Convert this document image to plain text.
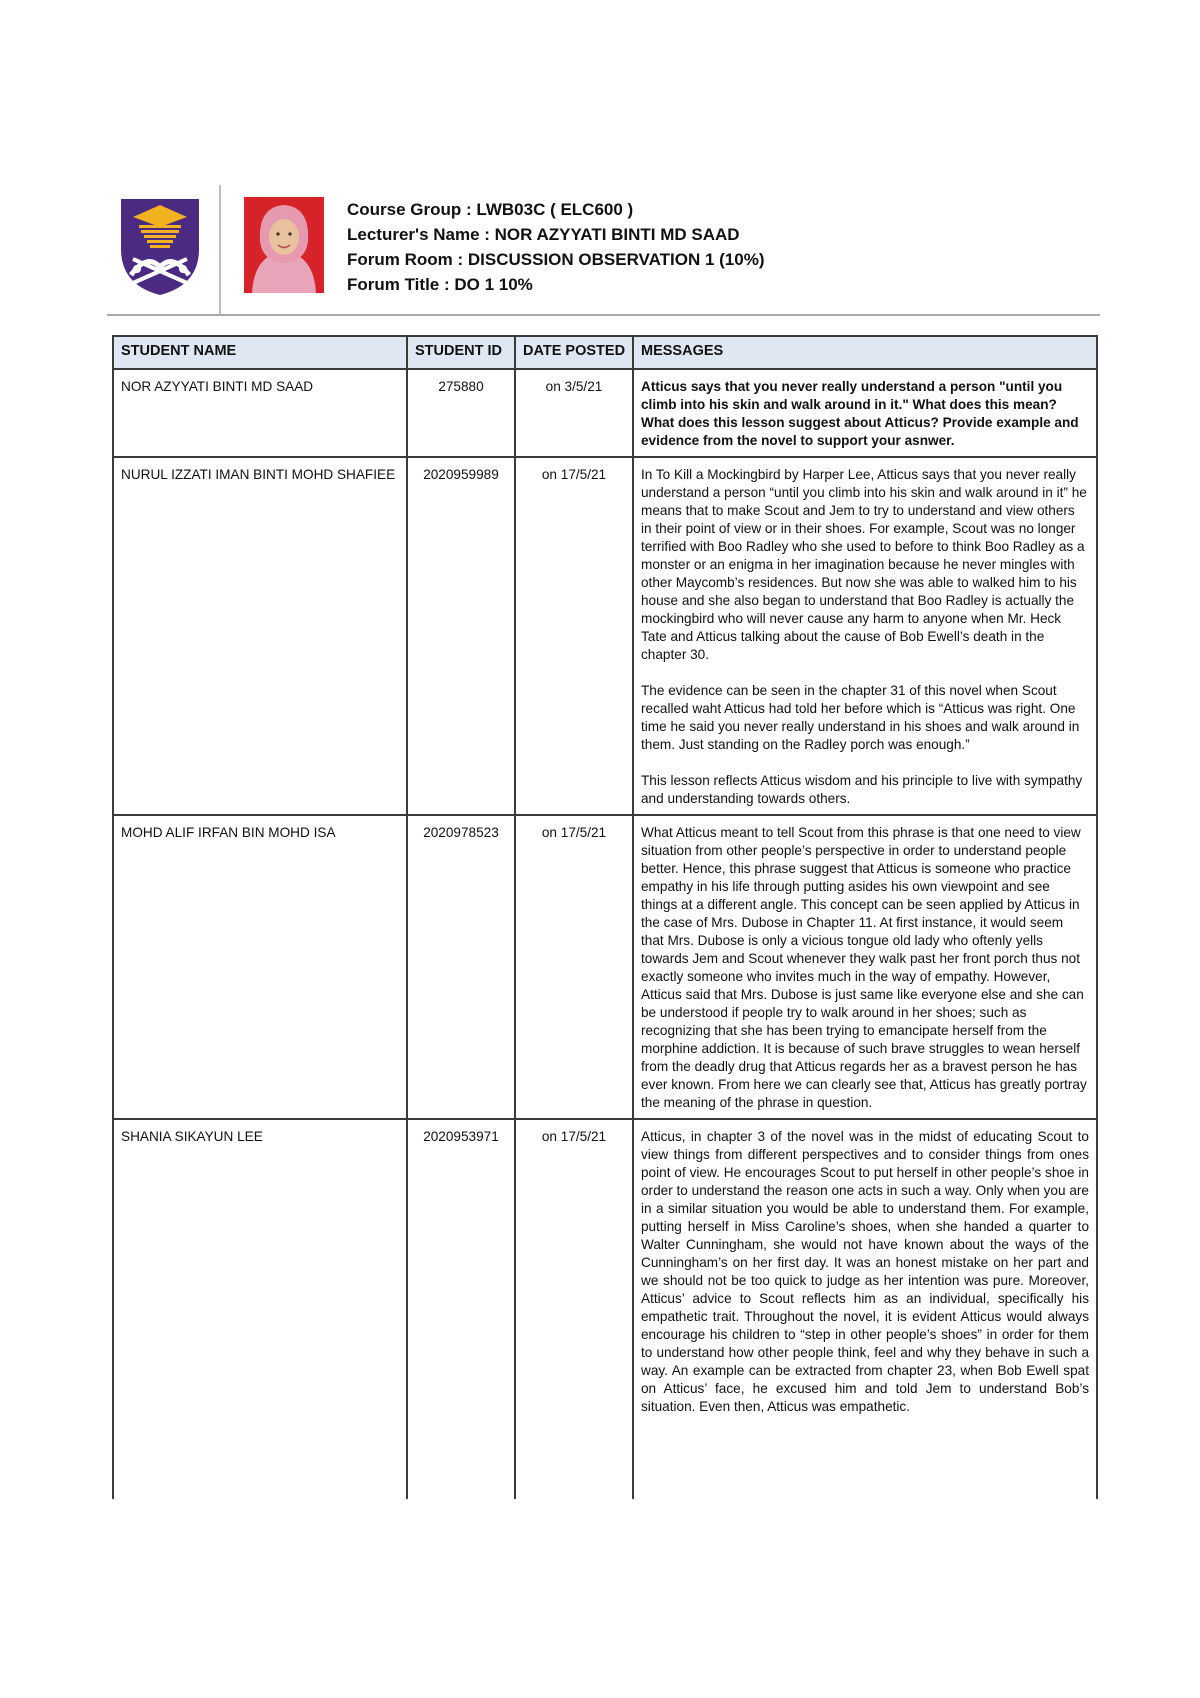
Course Group : LWB03C ( ELC600 )
Lecturer's Name : NOR AZYYATI BINTI MD SAAD
Forum Room : DISCUSSION OBSERVATION 1 (10%)
Forum Title : DO 1 10%
STUDENT NAME	STUDENT ID	DATE POSTED	MESSAGES
NOR AZYYATI BINTI MD SAAD	275880	on 3/5/21	Atticus says that you never really understand a person "until you climb into his skin and walk around in it." What does this mean? What does this lesson suggest about Atticus? Provide example and evidence from the novel to support your asnwer.

NURUL IZZATI IMAN BINTI MOHD SHAFIEE	2020959989	on 17/5/21	In To Kill a Mockingbird by Harper Lee, Atticus says that you never really understand a person “until you climb into his skin and walk around in it” he means that to make Scout and Jem to try to understand and view others in their point of view or in their shoes. For example, Scout was no longer terrified with Boo Radley who she used to before to think Boo Radley as a monster or an enigma in her imagination because he never mingles with other Maycomb’s residences. But now she was able to walked him to his house and she also began to understand that Boo Radley is actually the mockingbird who will never cause any harm to anyone when Mr. Heck Tate and Atticus talking about the cause of Bob Ewell’s death in the chapter 30.

The evidence can be seen in the chapter 31 of this novel when Scout recalled waht Atticus had told her before which is “Atticus was right. One time he said you never really understand in his shoes and walk around in them. Just standing on the Radley porch was enough.”

This lesson reflects Atticus wisdom and his principle to live with sympathy and understanding towards others.

MOHD ALIF IRFAN BIN MOHD ISA	2020978523	on 17/5/21	What Atticus meant to tell Scout from this phrase is that one need to view situation from other people’s perspective in order to understand people better. Hence, this phrase suggest that Atticus is someone who practice empathy in his life through putting asides his own viewpoint and see things at a different angle. This concept can be seen applied by Atticus in the case of Mrs. Dubose in Chapter 11. At first instance, it would seem that Mrs. Dubose is only a vicious tongue old lady who oftenly yells towards Jem and Scout whenever they walk past her front porch thus not exactly someone who invites much in the way of empathy. However, Atticus said that Mrs. Dubose is just same like everyone else and she can be understood if people try to walk around in her shoes; such as recognizing that she has been trying to emancipate herself from the morphine addiction. It is because of such brave struggles to wean herself from the deadly drug that Atticus regards her as a bravest person he has ever known. From here we can clearly see that, Atticus has greatly portray the meaning of the phrase in question.

SHANIA SIKAYUN LEE	2020953971	on 17/5/21	Atticus, in chapter 3 of the novel was in the midst of educating Scout to view things from different perspectives and to consider things from ones point of view. He encourages Scout to put herself in other people’s shoe in order to understand the reason one acts in such a way. Only when you are in a similar situation you would be able to understand them. For example, putting herself in Miss Caroline’s shoes, when she handed a quarter to Walter Cunningham, she would not have known about the ways of the Cunningham’s on her first day. It was an honest mistake on her part and we should not be too quick to judge as her intention was pure. Moreover, Atticus’ advice to Scout reflects him as an individual, specifically his empathetic trait. Throughout the novel, it is evident Atticus would always encourage his children to “step in other people’s shoes” in order for them to understand how other people think, feel and why they behave in such a way. An example can be extracted from chapter 23, when Bob Ewell spat on Atticus’ face, he excused him and told Jem to understand Bob’s situation. Even then, Atticus was empathetic.
